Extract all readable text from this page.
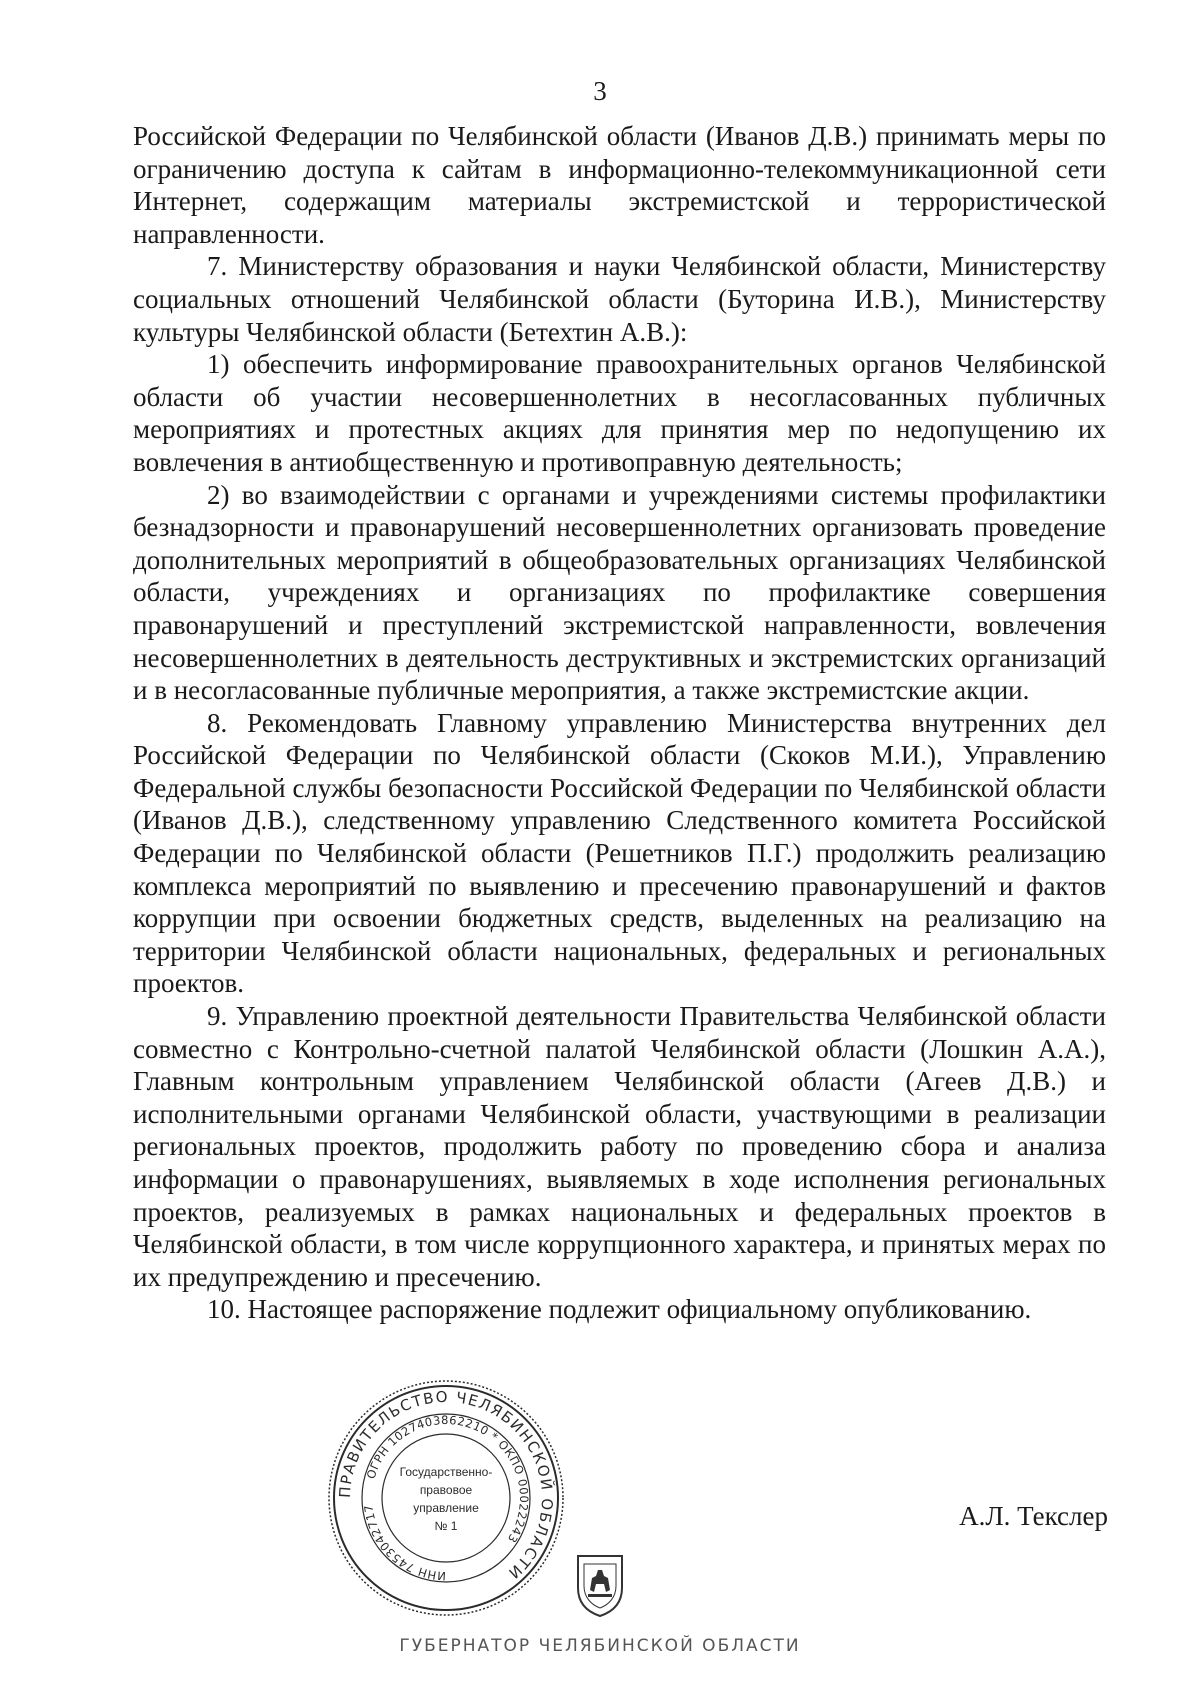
3

Российской Федерации по Челябинской области (Иванов Д.В.) принимать меры по ограничению доступа к сайтам в информационно-телекоммуникационной сети Интернет, содержащим материалы экстремистской и террористической направленности.

7. Министерству образования и науки Челябинской области, Министерству социальных отношений Челябинской области (Буторина И.В.), Министерству культуры Челябинской области (Бетехтин А.В.):

1) обеспечить информирование правоохранительных органов Челябинской области об участии несовершеннолетних в несогласованных публичных мероприятиях и протестных акциях для принятия мер по недопущению их вовлечения в антиобщественную и противоправную деятельность;

2) во взаимодействии с органами и учреждениями системы профилактики безнадзорности и правонарушений несовершеннолетних организовать проведение дополнительных мероприятий в общеобразовательных организациях Челябинской области, учреждениях и организациях по профилактике совершения правонарушений и преступлений экстремистской направленности, вовлечения несовершеннолетних в деятельность деструктивных и экстремистских организаций и в несогласованные публичные мероприятия, а также экстремистские акции.

8. Рекомендовать Главному управлению Министерства внутренних дел Российской Федерации по Челябинской области (Скоков М.И.), Управлению Федеральной службы безопасности Российской Федерации по Челябинской области (Иванов Д.В.), следственному управлению Следственного комитета Российской Федерации по Челябинской области (Решетников П.Г.) продолжить реализацию комплекса мероприятий по выявлению и пресечению правонарушений и фактов коррупции при освоении бюджетных средств, выделенных на реализацию на территории Челябинской области национальных, федеральных и региональных проектов.

9. Управлению проектной деятельности Правительства Челябинской области совместно с Контрольно-счетной палатой Челябинской области (Лошкин А.А.), Главным контрольным управлением Челябинской области (Агеев Д.В.) и исполнительными органами Челябинской области, участвующими в реализации региональных проектов, продолжить работу по проведению сбора и анализа информации о правонарушениях, выявляемых в ходе исполнения региональных проектов, реализуемых в рамках национальных и федеральных проектов в Челябинской области, в том числе коррупционного характера, и принятых мерах по их предупреждению и пресечению.

10. Настоящее распоряжение подлежит официальному опубликованию.

ПРАВИТЕЛЬСТВО ЧЕЛЯБИНСКОЙ ОБЛАСТИ
ОГРН 1027403862210 * ОКПО 00022243
ИНН 7453042717
Государственно-
правовое
управление
№ 1	А.Л. Текслер
ГУБЕРНАТОР ЧЕЛЯБИНСКОЙ ОБЛАСТИ
